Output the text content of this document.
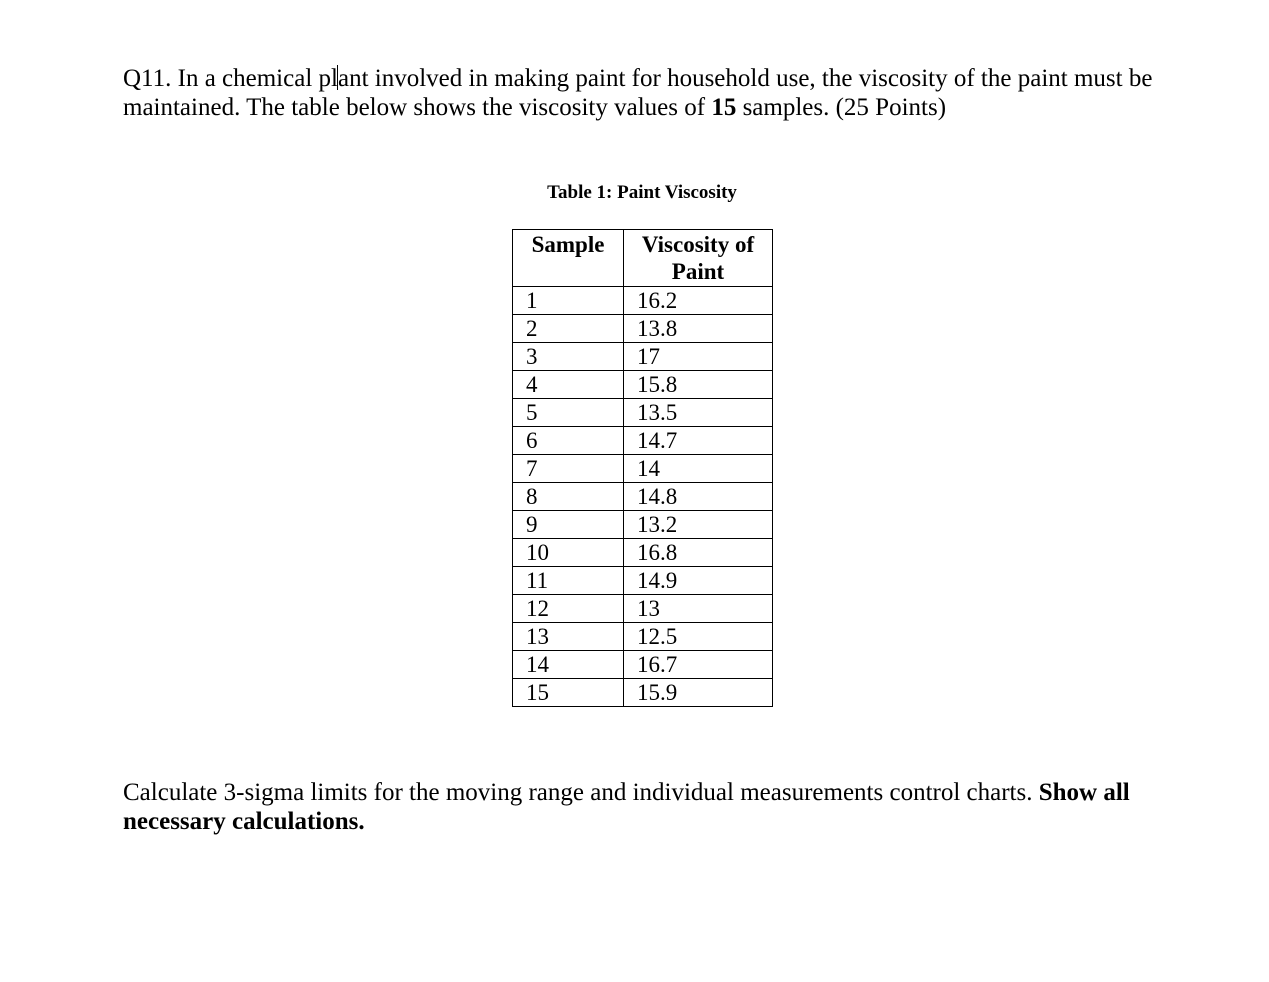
Q11. In a chemical plant involved in making paint for household use, the viscosity of the paint must be maintained. The table below shows the viscosity values of 15 samples. (25 Points)

Table 1: Paint Viscosity

Sample	Viscosity of Paint
1	16.2
2	13.8
3	17
4	15.8
5	13.5
6	14.7
7	14
8	14.8
9	13.2
10	16.8
11	14.9
12	13
13	12.5
14	16.7
15	15.9

Calculate 3-sigma limits for the moving range and individual measurements control charts. Show all necessary calculations.
